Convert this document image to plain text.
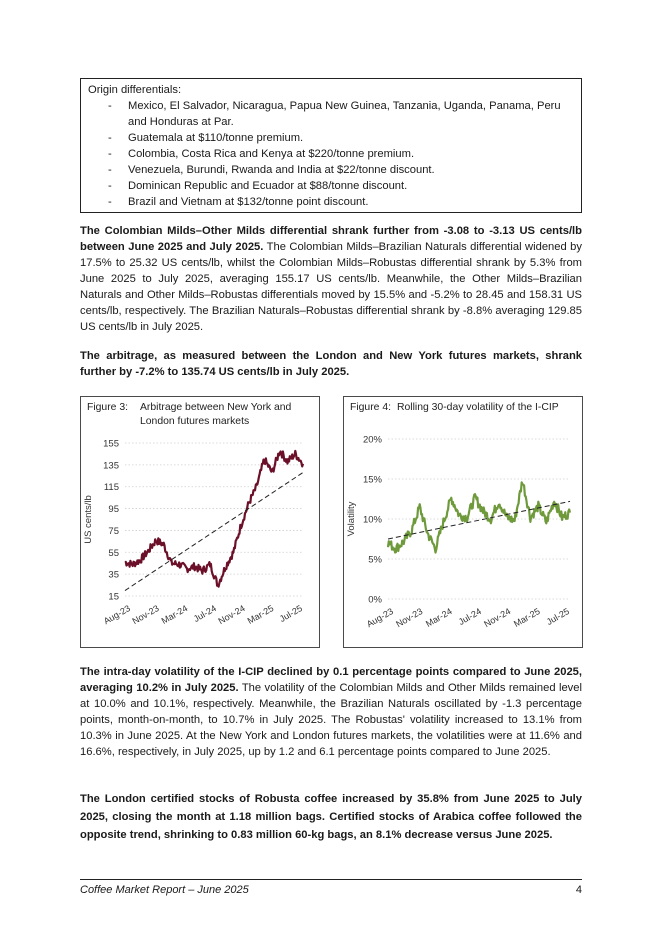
Origin differentials:
- Mexico, El Salvador, Nicaragua, Papua New Guinea, Tanzania, Uganda, Panama, Peru and Honduras at Par.
- Guatemala at $110/tonne premium.
- Colombia, Costa Rica and Kenya at $220/tonne premium.
- Venezuela, Burundi, Rwanda and India at $22/tonne discount.
- Dominican Republic and Ecuador at $88/tonne discount.
- Brazil and Vietnam at $132/tonne point discount.

The Colombian Milds–Other Milds differential shrank further from -3.08 to -3.13 US cents/lb between June 2025 and July 2025. The Colombian Milds–Brazilian Naturals differential widened by 17.5% to 25.32 US cents/lb, whilst the Colombian Milds–Robustas differential shrank by 5.3% from June 2025 to July 2025, averaging 155.17 US cents/lb. Meanwhile, the Other Milds–Brazilian Naturals and Other Milds–Robustas differentials moved by 15.5% and -5.2% to 28.45 and 158.31 US cents/lb, respectively. The Brazilian Naturals–Robustas differential shrank by -8.8% averaging 129.85 US cents/lb in July 2025.

The arbitrage, as measured between the London and New York futures markets, shrank further by -7.2% to 135.74 US cents/lb in July 2025.

Figure 3: Arbitrage between New York and
London futures markets
15
35
55
75
95
115
135
155
US cents/lb
Aug-23
Nov-23
Mar-24 Jul-24
Nov-24
Mar-25 Jul-25
Figure 4: Rolling 30-day volatility of the I-CIP
0%
5%
10%
15%
20%
Volatility
Aug-23 Nov-23 Mar-24 Jul-24 Nov-24 Mar-25 Jul-25

The intra-day volatility of the I-CIP declined by 0.1 percentage points compared to June 2025, averaging 10.2% in July 2025. The volatility of the Colombian Milds and Other Milds remained level at 10.0% and 10.1%, respectively. Meanwhile, the Brazilian Naturals oscillated by -1.3 percentage points, month-on-month, to 10.7% in July 2025. The Robustas' volatility increased to 13.1% from 10.3% in June 2025. At the New York and London futures markets, the volatilities were at 11.6% and 16.6%, respectively, in July 2025, up by 1.2 and 6.1 percentage points compared to June 2025.

The London certified stocks of Robusta coffee increased by 35.8% from June 2025 to July 2025, closing the month at 1.18 million bags. Certified stocks of Arabica coffee followed the opposite trend, shrinking to 0.83 million 60-kg bags, an 8.1% decrease versus June 2025.

Coffee Market Report – June 2025	4
